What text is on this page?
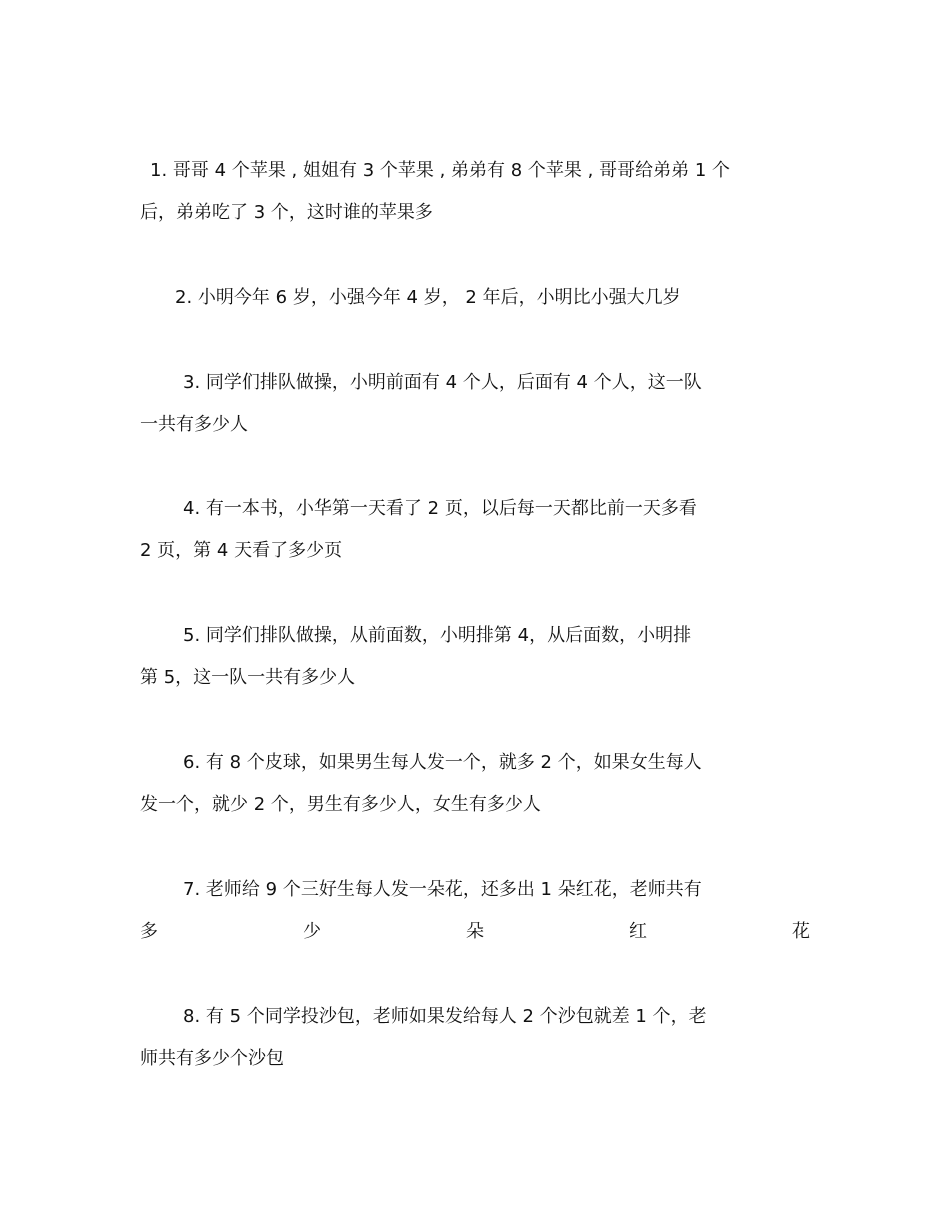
1. 哥哥 4 个苹果 , 姐姐有 3 个苹果 , 弟弟有 8 个苹果 , 哥哥给弟弟 1 个
后，弟弟吃了 3 个，这时谁的苹果多
2. 小明今年 6 岁，小强今年 4 岁， 2 年后，小明比小强大几岁
3. 同学们排队做操，小明前面有 4 个人，后面有 4 个人，这一队
一共有多少人
4. 有一本书，小华第一天看了 2 页，以后每一天都比前一天多看
2 页，第 4 天看了多少页
5. 同学们排队做操，从前面数，小明排第 4，从后面数，小明排
第 5，这一队一共有多少人
6. 有 8 个皮球，如果男生每人发一个，就多 2 个，如果女生每人
发一个，就少 2 个，男生有多少人，女生有多少人
7. 老师给 9 个三好生每人发一朵花，还多出 1 朵红花，老师共有
多	少	朵	红	花
8. 有 5 个同学投沙包，老师如果发给每人 2 个沙包就差 1 个，老
师共有多少个沙包
